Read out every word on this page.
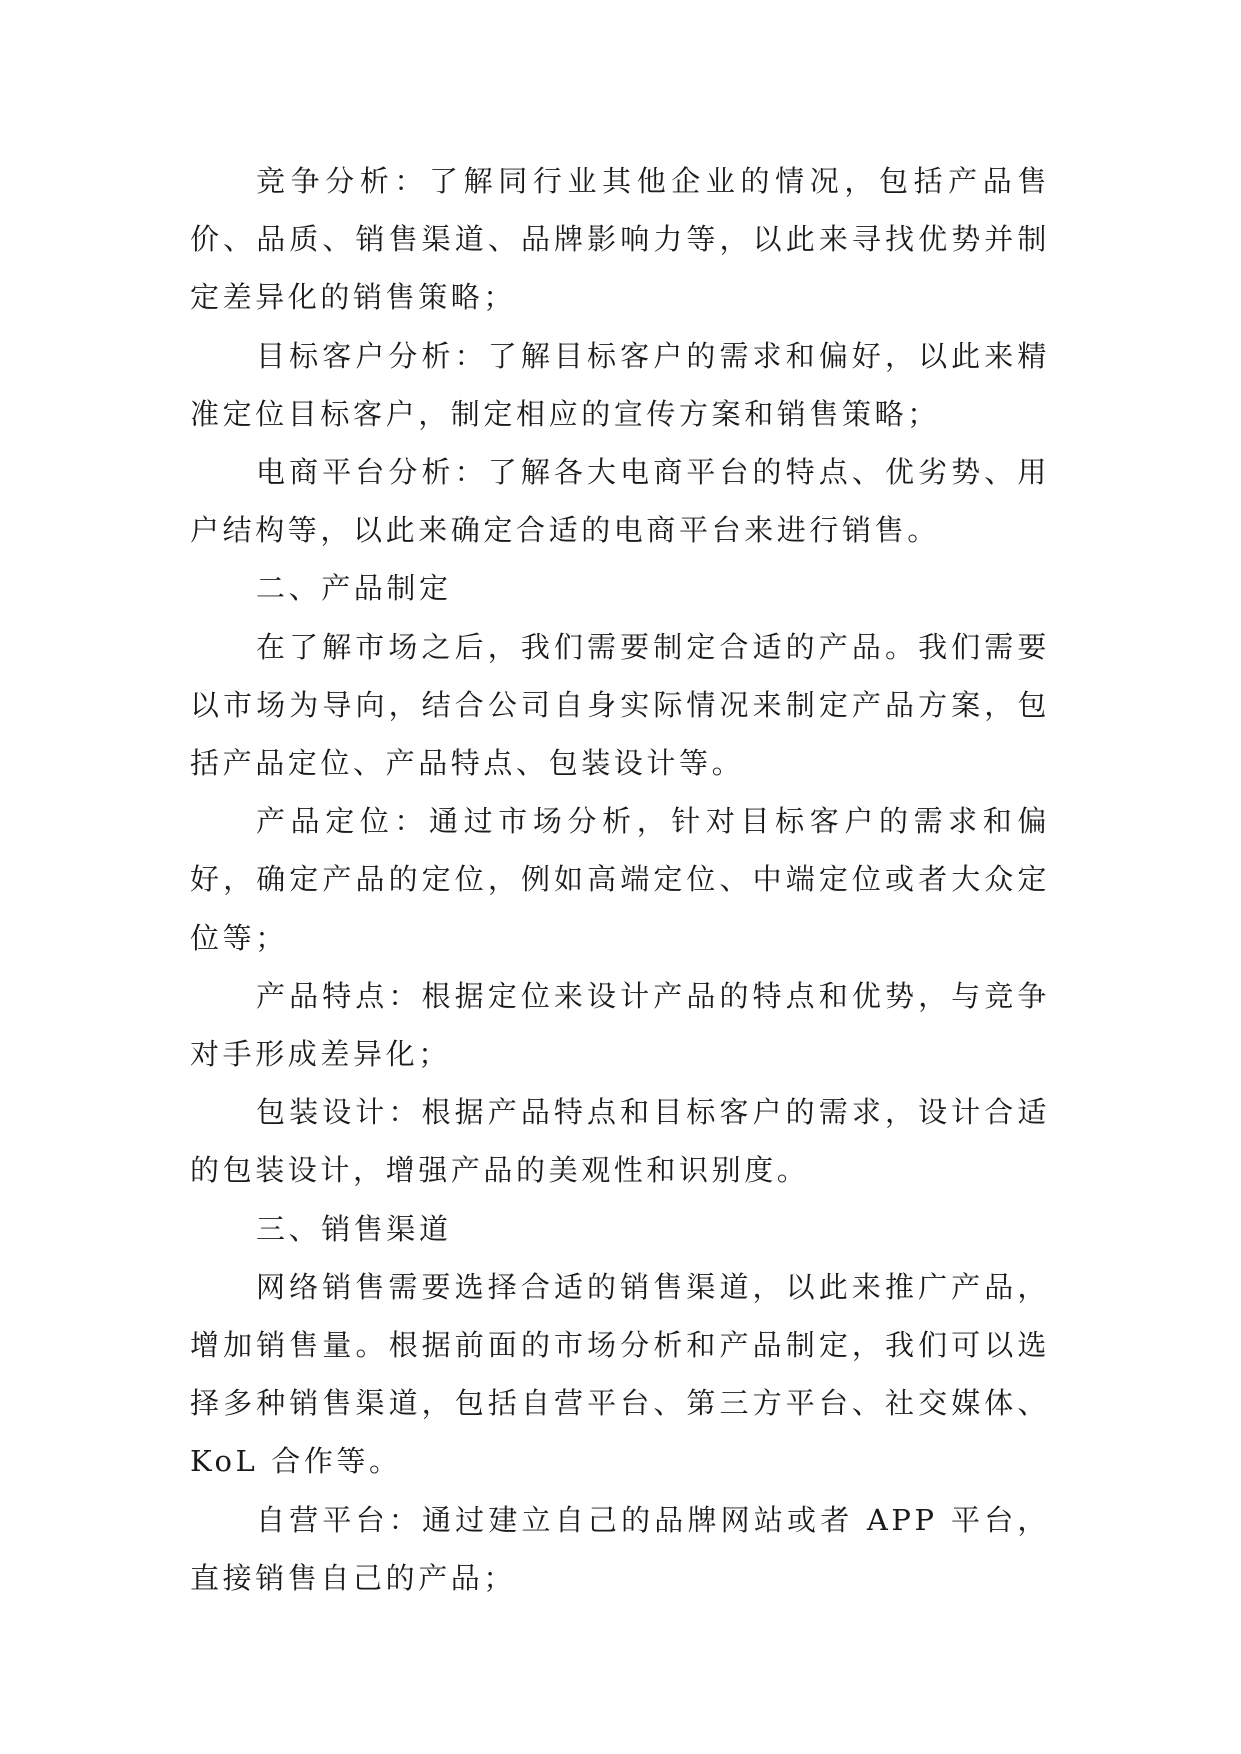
竞争分析：了解同行业其他企业的情况，包括产品售价、品质、销售渠道、品牌影响力等，以此来寻找优势并制定差异化的销售策略；

目标客户分析：了解目标客户的需求和偏好，以此来精准定位目标客户，制定相应的宣传方案和销售策略；

电商平台分析：了解各大电商平台的特点、优劣势、用户结构等，以此来确定合适的电商平台来进行销售。

二、产品制定

在了解市场之后，我们需要制定合适的产品。我们需要以市场为导向，结合公司自身实际情况来制定产品方案，包括产品定位、产品特点、包装设计等。

产品定位：通过市场分析，针对目标客户的需求和偏好，确定产品的定位，例如高端定位、中端定位或者大众定位等；

产品特点：根据定位来设计产品的特点和优势，与竞争对手形成差异化；

包装设计：根据产品特点和目标客户的需求，设计合适的包装设计，增强产品的美观性和识别度。

三、销售渠道

网络销售需要选择合适的销售渠道，以此来推广产品，增加销售量。根据前面的市场分析和产品制定，我们可以选择多种销售渠道，包括自营平台、第三方平台、社交媒体、KoL 合作等。

自营平台：通过建立自己的品牌网站或者 APP 平台，直接销售自己的产品；
